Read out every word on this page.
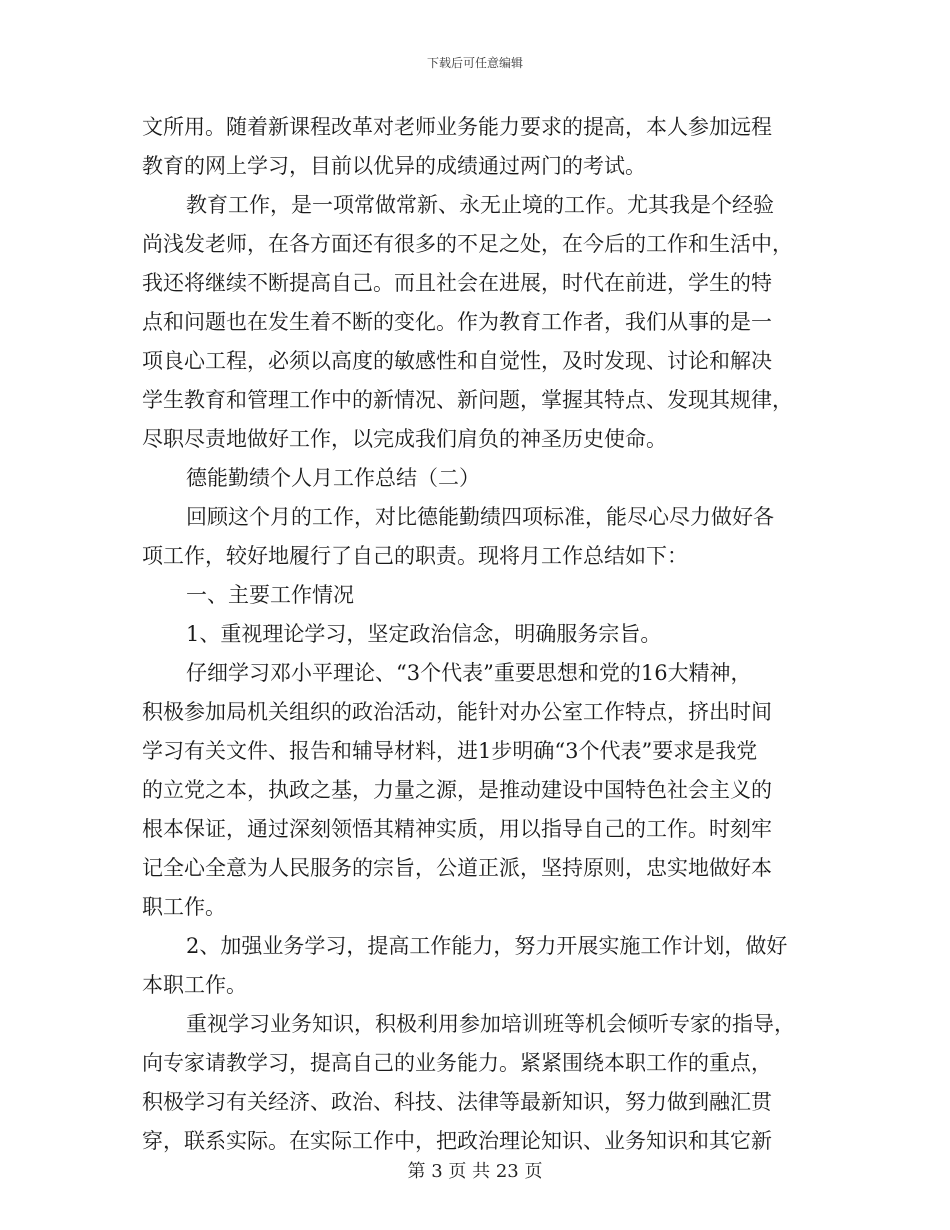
下载后可任意编辑
文所用。随着新课程改革对老师业务能力要求的提高，本人参加远程
教育的网上学习，目前以优异的成绩通过两门的考试。
教育工作，是一项常做常新、永无止境的工作。尤其我是个经验
尚浅发老师，在各方面还有很多的不足之处，在今后的工作和生活中，
我还将继续不断提高自己。而且社会在进展，时代在前进，学生的特
点和问题也在发生着不断的变化。作为教育工作者，我们从事的是一
项良心工程，必须以高度的敏感性和自觉性，及时发现、讨论和解决
学生教育和管理工作中的新情况、新问题，掌握其特点、发现其规律，
尽职尽责地做好工作，以完成我们肩负的神圣历史使命。
德能勤绩个人月工作总结（二）
回顾这个月的工作，对比德能勤绩四项标准，能尽心尽力做好各
项工作，较好地履行了自己的职责。现将月工作总结如下：
一、主要工作情况
1、重视理论学习，坚定政治信念，明确服务宗旨。
仔细学习邓小平理论、“3个代表”重要思想和党的16大精神，
积极参加局机关组织的政治活动，能针对办公室工作特点，挤出时间
学习有关文件、报告和辅导材料，进1步明确“3个代表”要求是我党
的立党之本，执政之基，力量之源，是推动建设中国特色社会主义的
根本保证，通过深刻领悟其精神实质，用以指导自己的工作。时刻牢
记全心全意为人民服务的宗旨，公道正派，坚持原则，忠实地做好本
职工作。
2、加强业务学习，提高工作能力，努力开展实施工作计划，做好
本职工作。
重视学习业务知识，积极利用参加培训班等机会倾听专家的指导，
向专家请教学习，提高自己的业务能力。紧紧围绕本职工作的重点，
积极学习有关经济、政治、科技、法律等最新知识，努力做到融汇贯
穿，联系实际。在实际工作中，把政治理论知识、业务知识和其它新
第 3 页 共 23 页
